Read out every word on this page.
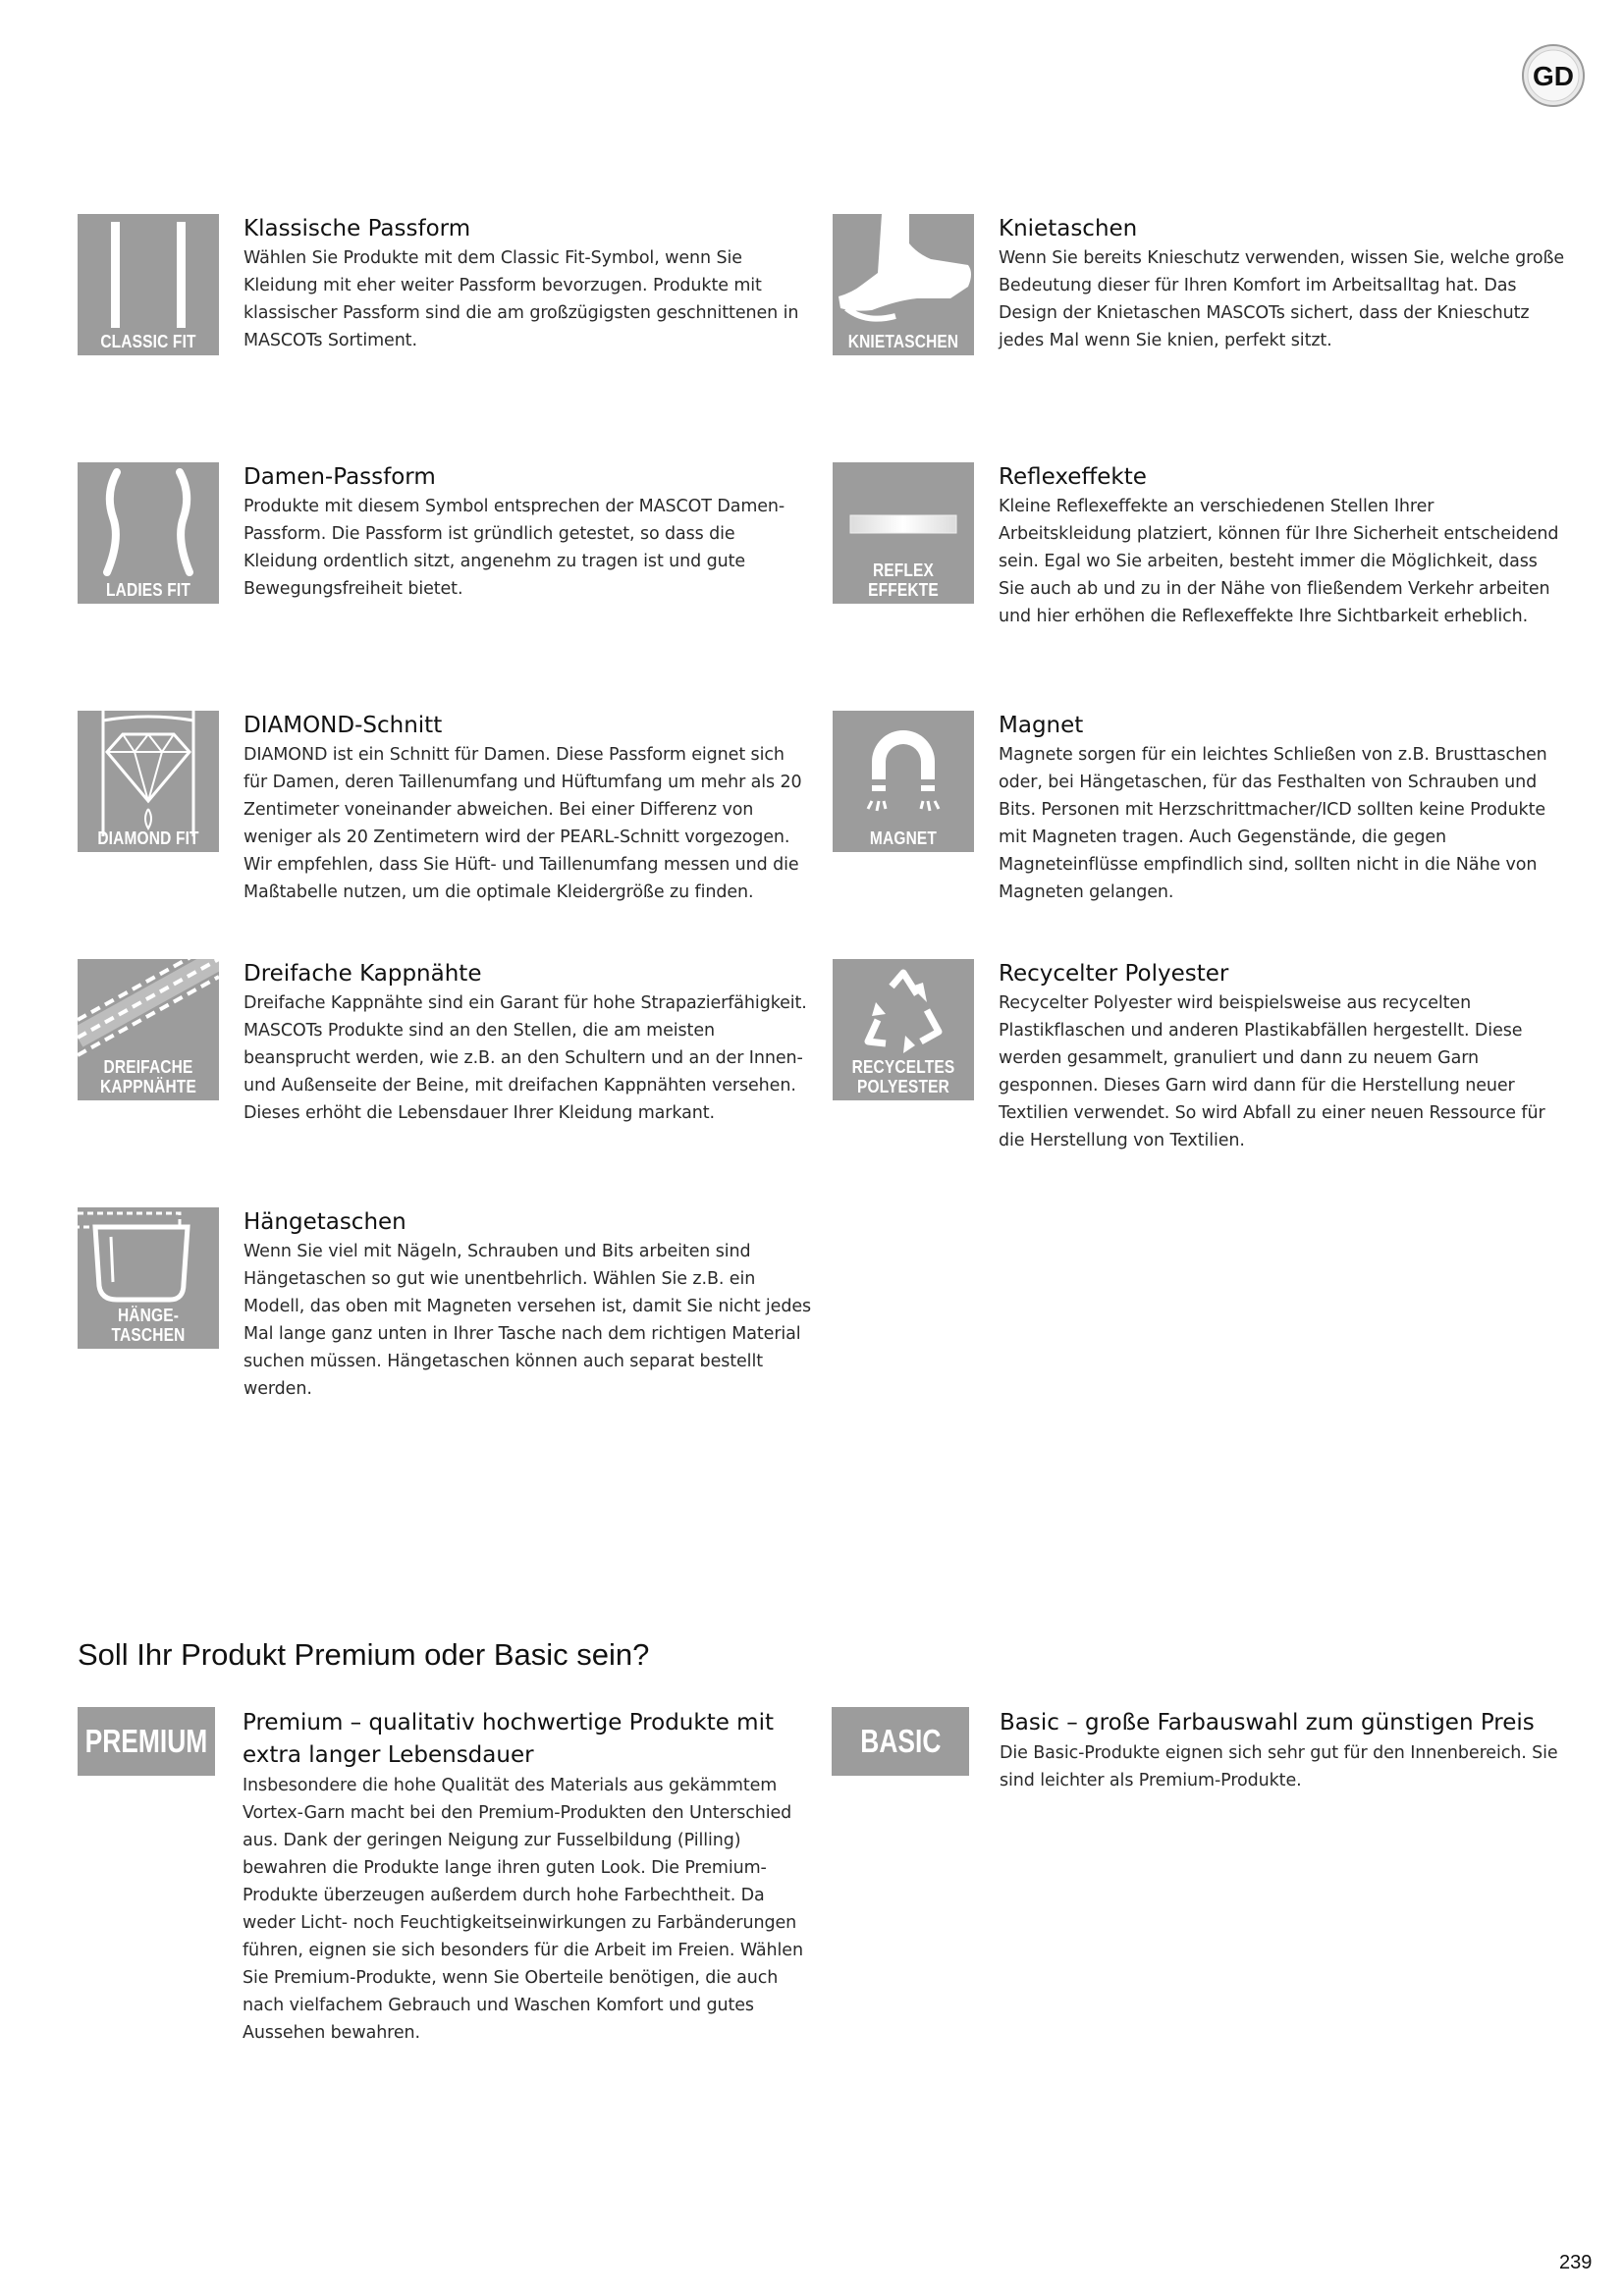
GD
CLASSIC FIT
Klassische Passform

Wählen Sie Produkte mit dem Classic Fit-Symbol, wenn Sie Kleidung mit eher weiter Passform bevorzugen. Produkte mit klassischer Passform sind die am großzügigsten geschnittenen in MASCOTs Sortiment.	KNIETASCHEN
Knietaschen

Wenn Sie bereits Knieschutz verwenden, wissen Sie, welche große Bedeutung dieser für Ihren Komfort im Arbeitsalltag hat. Das Design der Knietaschen MASCOTs sichert, dass der Knieschutz jedes Mal wenn Sie knien, perfekt sitzt.

LADIES FIT
Damen-Passform

Produkte mit diesem Symbol entsprechen der MASCOT Damen-Passform. Die Passform ist gründlich getestet, so dass die Kleidung ordentlich sitzt, angenehm zu tragen ist und gute Bewegungsfreiheit bietet.

REFLEX
EFFEKTE
Reflexeffekte

Kleine Reflexeffekte an verschiedenen Stellen Ihrer Arbeitskleidung platziert, können für Ihre Sicherheit entscheidend sein. Egal wo Sie arbeiten, besteht immer die Möglichkeit, dass Sie auch ab und zu in der Nähe von fließendem Verkehr arbeiten und hier erhöhen die Reflexeffekte Ihre Sichtbarkeit erheblich.

DIAMOND FIT
DIAMOND-Schnitt

DIAMOND ist ein Schnitt für Damen. Diese Passform eignet sich für Damen, deren Taillenumfang und Hüftumfang um mehr als 20 Zentimeter voneinander abweichen. Bei einer Differenz von weniger als 20 Zentimetern wird der PEARL-Schnitt vorgezogen. Wir empfehlen, dass Sie Hüft- und Taillenumfang messen und die Maßtabelle nutzen, um die optimale Kleidergröße zu finden.

MAGNET
Magnet

Magnete sorgen für ein leichtes Schließen von z.B. Brusttaschen oder, bei Hängetaschen, für das Festhalten von Schrauben und Bits. Personen mit Herzschrittmacher/ICD sollten keine Produkte mit Magneten tragen. Auch Gegenstände, die gegen Magneteinflüsse empfindlich sind, sollten nicht in die Nähe von Magneten gelangen.

DREIFACHE
KAPPNÄHTE
Dreifache Kappnähte

Dreifache Kappnähte sind ein Garant für hohe Strapazierfähigkeit. MASCOTs Produkte sind an den Stellen, die am meisten beansprucht werden, wie z.B. an den Schultern und an der Innen- und Außenseite der Beine, mit dreifachen Kappnähten versehen. Dieses erhöht die Lebensdauer Ihrer Kleidung markant.

RECYCELTES
POLYESTER
Recycelter Polyester

Recycelter Polyester wird beispielsweise aus recycelten Plastikflaschen und anderen Plastikabfällen hergestellt. Diese werden gesammelt, granuliert und dann zu neuem Garn gesponnen. Dieses Garn wird dann für die Herstellung neuer Textilien verwendet. So wird Abfall zu einer neuen Ressource für die Herstellung von Textilien.

HÄNGE-
TASCHEN
Hängetaschen

Wenn Sie viel mit Nägeln, Schrauben und Bits arbeiten sind Hängetaschen so gut wie unentbehrlich. Wählen Sie z.B. ein Modell, das oben mit Magneten versehen ist, damit Sie nicht jedes Mal lange ganz unten in Ihrer Tasche nach dem richtigen Material suchen müssen. Hängetaschen können auch separat bestellt werden.

Soll Ihr Produkt Premium oder Basic sein?
PREMIUM Premium – qualitativ hochwertige Produkte mit extra langer Lebensdauer

Insbesondere die hohe Qualität des Materials aus gekämmtem Vortex-Garn macht bei den Premium-Produkten den Unterschied aus. Dank der geringen Neigung zur Fusselbildung (Pilling) bewahren die Produkte lange ihren guten Look. Die Premium-Produkte überzeugen außerdem durch hohe Farbechtheit. Da weder Licht- noch Feuchtigkeitseinwirkungen zu Farbänderungen führen, eignen sie sich besonders für die Arbeit im Freien. Wählen Sie Premium-Produkte, wenn Sie Oberteile benötigen, die auch nach vielfachem Gebrauch und Waschen Komfort und gutes Aussehen bewahren.

BASIC	Basic – große Farbauswahl zum günstigen Preis

Die Basic-Produkte eignen sich sehr gut für den Innenbereich. Sie sind leichter als Premium-Produkte.

239
